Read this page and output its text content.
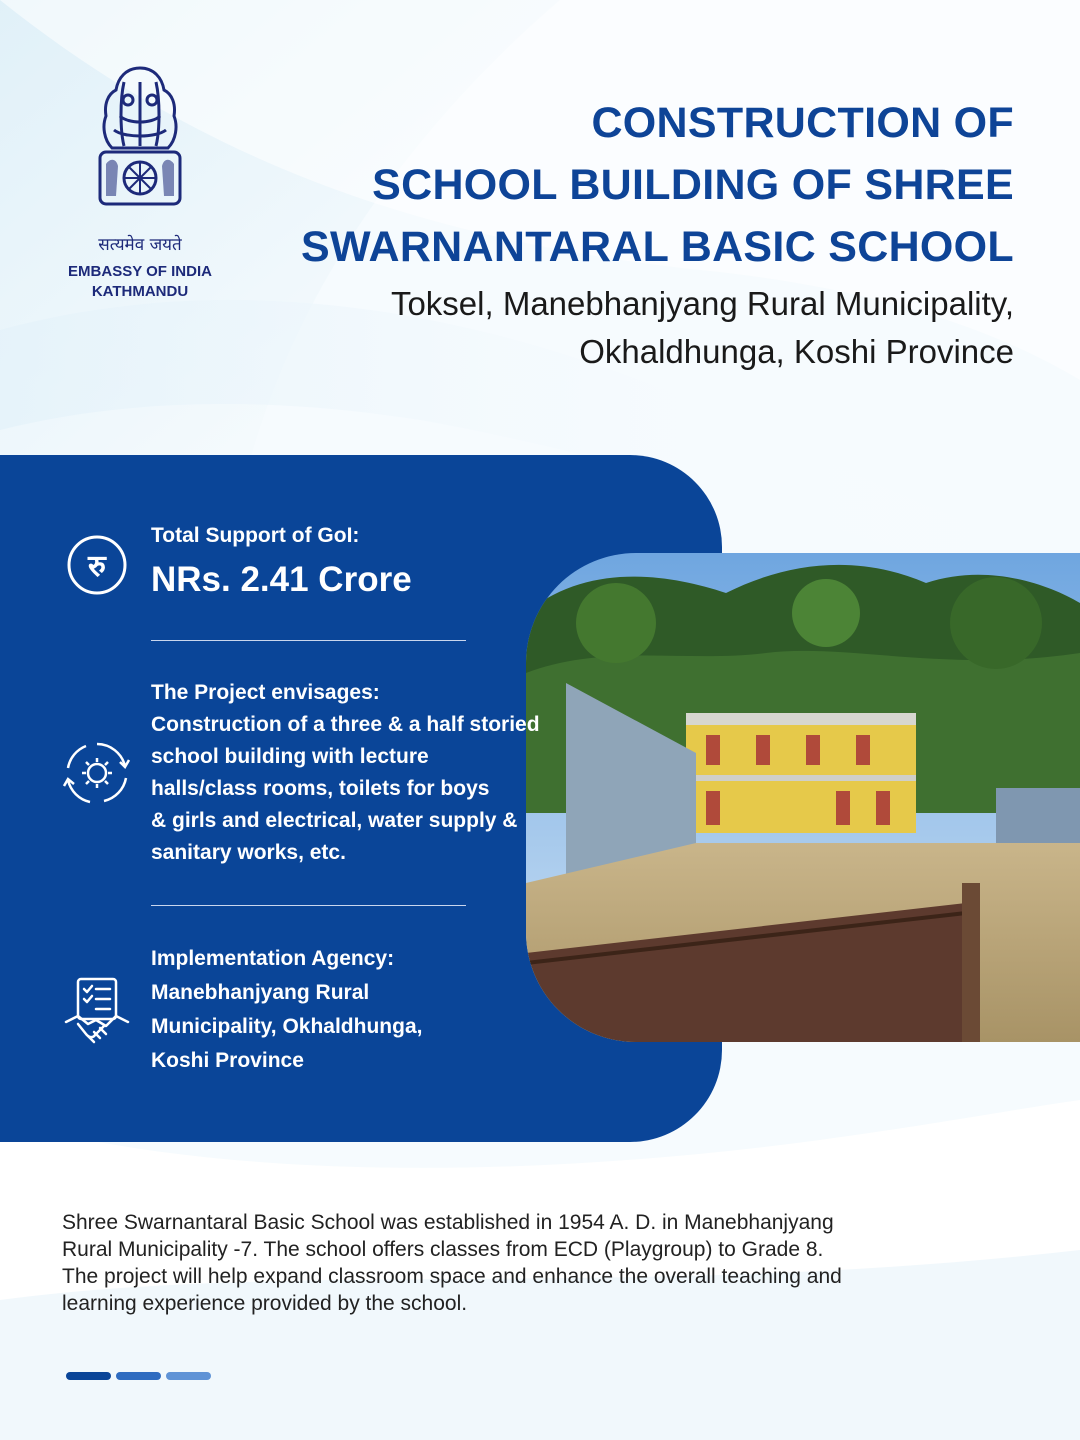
सत्यमेव जयते
EMBASSY OF INDIA
KATHMANDU
CONSTRUCTION OF
SCHOOL BUILDING OF SHREE
SWARNANTARAL BASIC SCHOOL
Toksel, Manebhanjyang Rural Municipality,
Okhaldhunga, Koshi Province
रु
Total Support of GoI:
NRs. 2.41 Crore
The Project envisages:
Construction of a three & a half storied
school building with lecture
halls/class rooms, toilets for boys
& girls and electrical, water supply &
sanitary works, etc.
Implementation Agency:
Manebhanjyang Rural
Municipality, Okhaldhunga,
Koshi Province
Shree Swarnantaral Basic School was established in 1954 A. D. in Manebhanjyang
Rural Municipality -7. The school offers classes from ECD (Playgroup) to Grade 8.
The project will help expand classroom space and enhance the overall teaching and
learning experience provided by the school.
